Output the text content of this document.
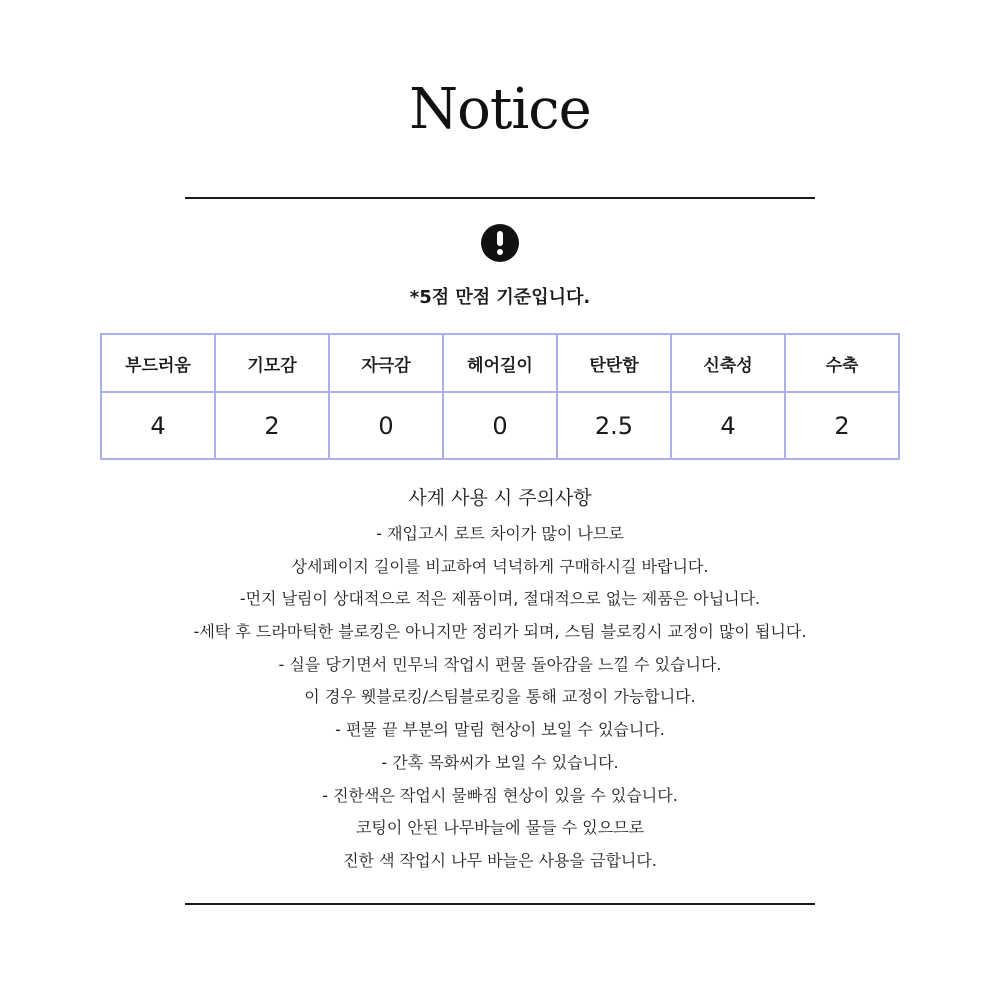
Notice
*5점 만점 기준입니다.
부드러움	기모감	자극감	헤어길이	탄탄함	신축성	수축
4	2	0	0	2.5	4	2
사계 사용 시 주의사항
- 재입고시 로트 차이가 많이 나므로
상세페이지 길이를 비교하여 넉넉하게 구매하시길 바랍니다.
-먼지 날림이 상대적으로 적은 제품이며, 절대적으로 없는 제품은 아닙니다.
-세탁 후 드라마틱한 블로킹은 아니지만 정리가 되며, 스팀 블로킹시 교정이 많이 됩니다.
- 실을 당기면서 민무늬 작업시 편물 돌아감을 느낄 수 있습니다.
이 경우 웻블로킹/스팀블로킹을 통해 교정이 가능합니다.
- 편물 끝 부분의 말림 현상이 보일 수 있습니다.
- 간혹 목화씨가 보일 수 있습니다.
- 진한색은 작업시 물빠짐 현상이 있을 수 있습니다.
코팅이 안된 나무바늘에 물들 수 있으므로
진한 색 작업시 나무 바늘은 사용을 금합니다.
